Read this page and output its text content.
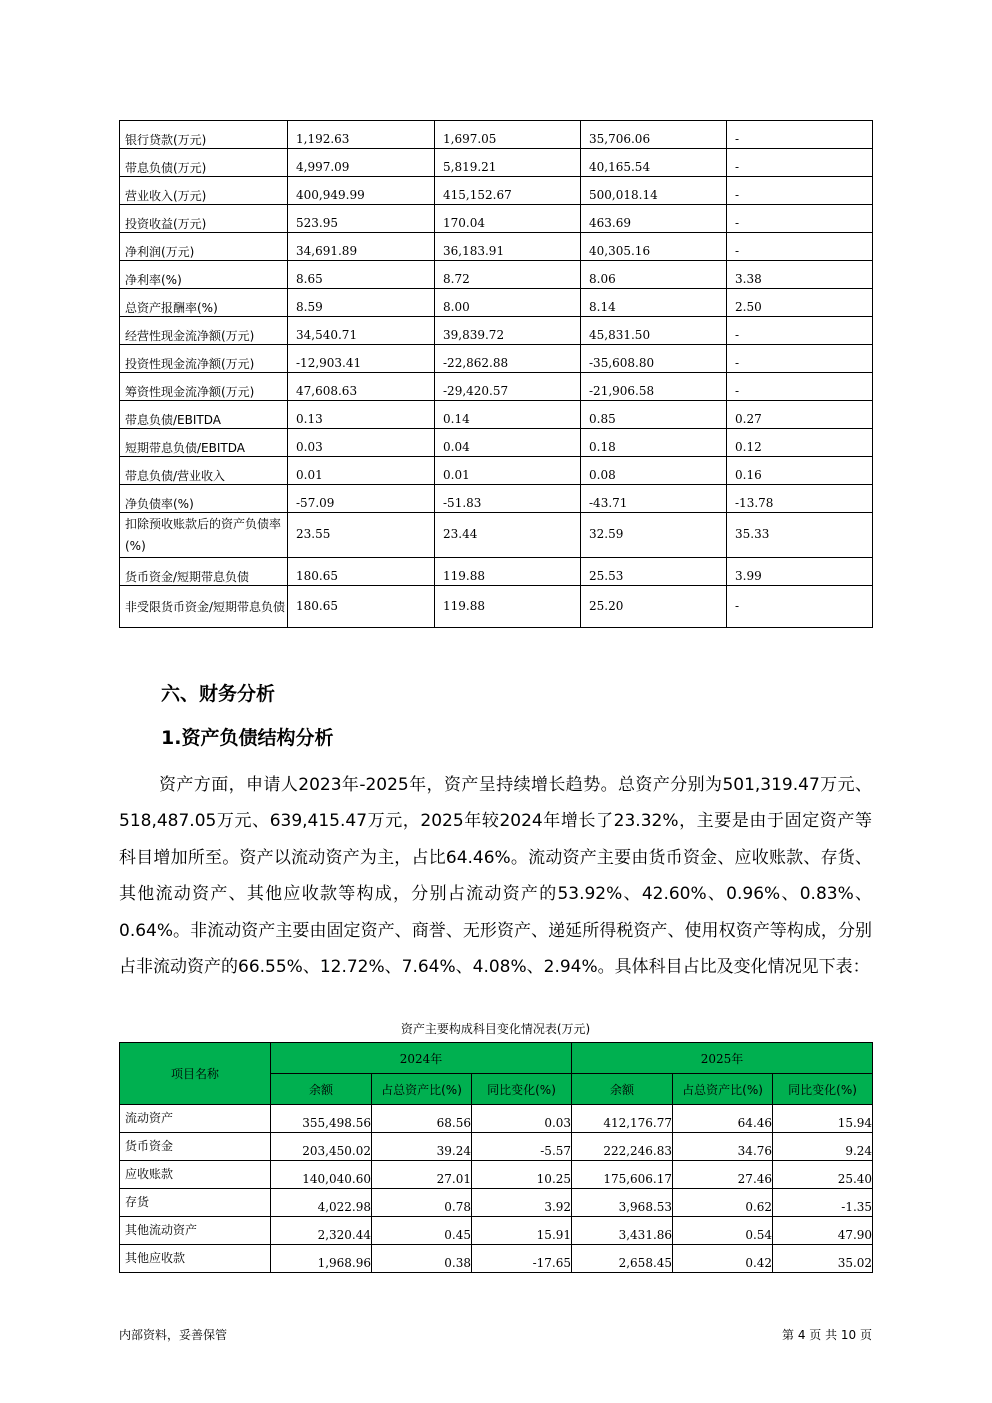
银行贷款(万元)	1,192.63	1,697.05	35,706.06	-
带息负债(万元)	4,997.09	5,819.21	40,165.54	-
营业收入(万元)	400,949.99	415,152.67	500,018.14	-
投资收益(万元)	523.95	170.04	463.69	-
净利润(万元)	34,691.89	36,183.91	40,305.16	-
净利率(%)	8.65	8.72	8.06	3.38
总资产报酬率(%)	8.59	8.00	8.14	2.50
经营性现金流净额(万元)	34,540.71	39,839.72	45,831.50	-
投资性现金流净额(万元)	-12,903.41	-22,862.88	-35,608.80	-
筹资性现金流净额(万元)	47,608.63	-29,420.57	-21,906.58	-
带息负债/EBITDA	0.13	0.14	0.85	0.27
短期带息负债/EBITDA	0.03	0.04	0.18	0.12
带息负债/营业收入	0.01	0.01	0.08	0.16
净负债率(%)	-57.09	-51.83	-43.71	-13.78
扣除预收账款后的资产负债率(%)	23.55	23.44	32.59	35.33
货币资金/短期带息负债	180.65	119.88	25.53	3.99
非受限货币资金/短期带息负债	180.65	119.88	25.20	-
六、财务分析
1.资产负债结构分析
资产方面，申请人2023年-2025年，资产呈持续增长趋势。总资产分别为501,319.47万元、518,487.05万元、639,415.47万元，2025年较2024年增长了23.32%，主要是由于固定资产等科目增加所至。资产以流动资产为主，占比64.46%。流动资产主要由货币资金、应收账款、存货、其他流动资产、其他应收款等构成，分别占流动资产的53.92%、42.60%、0.96%、0.83%、0.64%。非流动资产主要由固定资产、商誉、无形资产、递延所得税资产、使用权资产等构成，分别占非流动资产的66.55%、12.72%、7.64%、4.08%、2.94%。具体科目占比及变化情况见下表：
资产主要构成科目变化情况表(万元)
项目名称	2024年			2025年		
	余额	占总资产比(%)	同比变化(%)	余额	占总资产比(%)	同比变化(%)
流动资产	355,498.56	68.56	0.03	412,176.77	64.46	15.94
货币资金	203,450.02	39.24	-5.57	222,246.83	34.76	9.24
应收账款	140,040.60	27.01	10.25	175,606.17	27.46	25.40
存货	4,022.98	0.78	3.92	3,968.53	0.62	-1.35
其他流动资产	2,320.44	0.45	15.91	3,431.86	0.54	47.90
其他应收款	1,968.96	0.38	-17.65	2,658.45	0.42	35.02
内部资料，妥善保管	第 4 页 共 10 页
